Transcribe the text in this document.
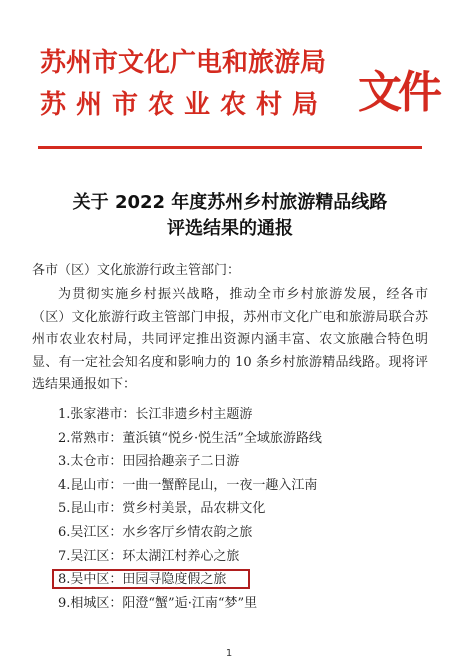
苏州市文化广电和旅游局
苏州市农业农村局 文件
关于 2022 年度苏州乡村旅游精品线路
评选结果的通报
各市（区）文化旅游行政主管部门：
为贯彻实施乡村振兴战略，推动全市乡村旅游发展，经各市（区）文化旅游行政主管部门申报，苏州市文化广电和旅游局联合苏州市农业农村局，共同评定推出资源内涵丰富、农文旅融合特色明显、有一定社会知名度和影响力的 10 条乡村旅游精品线路。现将评选结果通报如下：
1.张家港市：长江非遗乡村主题游
2.常熟市：董浜镇“悦乡·悦生活”全域旅游路线
3.太仓市：田园拾趣亲子二日游
4.昆山市：一曲一蟹醉昆山，一夜一趣入江南
5.昆山市：赏乡村美景，品农耕文化
6.吴江区：水乡客厅乡情农韵之旅
7.吴江区：环太湖江村养心之旅
8.吴中区：田园寻隐度假之旅
9.相城区：阳澄“蟹”逅·江南“梦”里
1
